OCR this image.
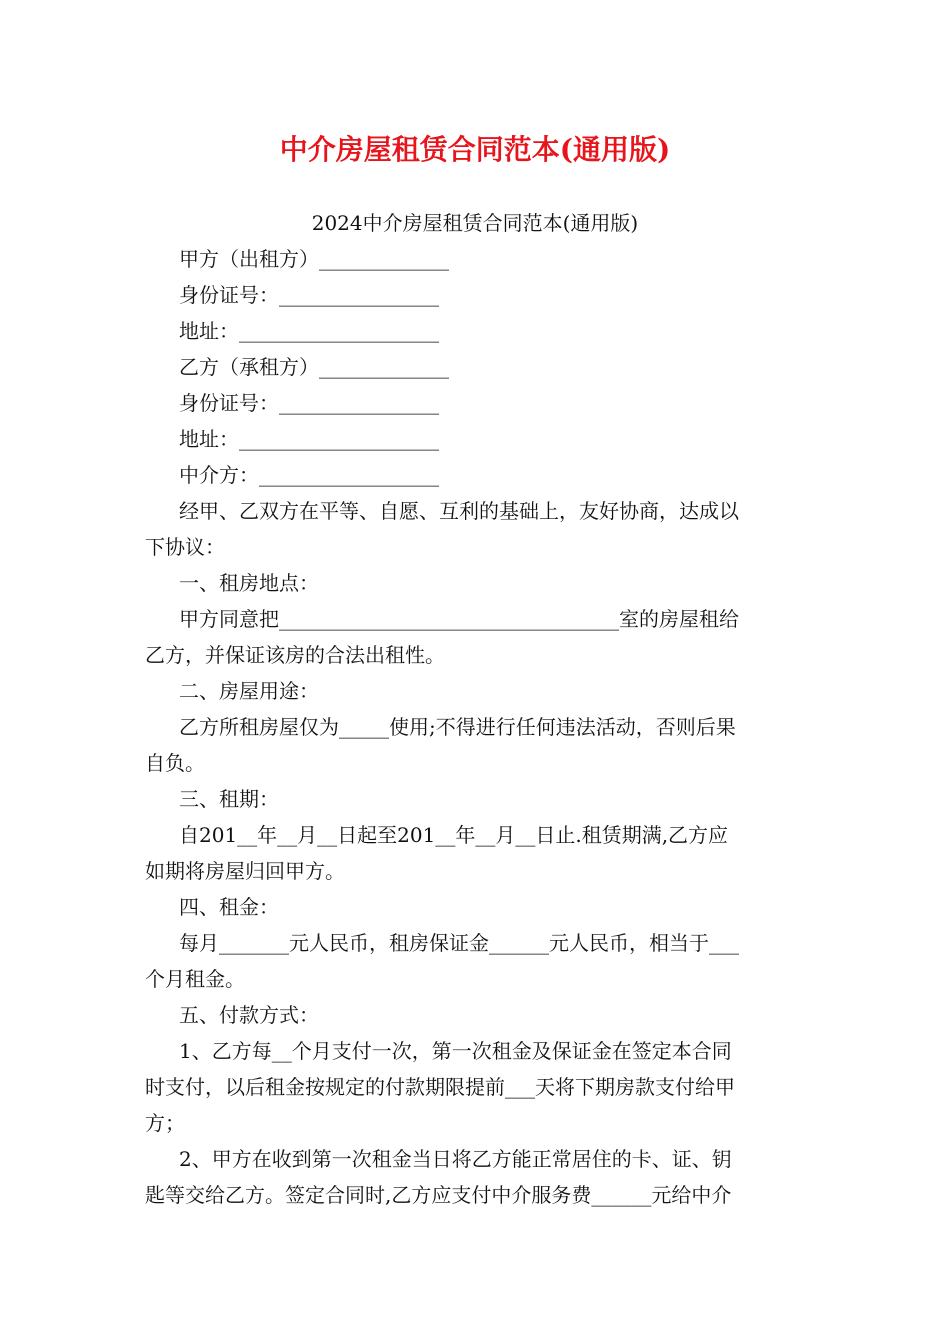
中介房屋租赁合同范本(通用版)

2024中介房屋租赁合同范本(通用版)

甲方（出租方）_____________

身份证号：________________

地址：____________________

乙方（承租方）_____________

身份证号：________________

地址：____________________

中介方：__________________

经甲、乙双方在平等、自愿、互利的基础上，友好协商，达成以

下协议：

一、租房地点：

甲方同意把__________________________________室的房屋租给

乙方，并保证该房的合法出租性。

二、房屋用途：

乙方所租房屋仅为_____使用;不得进行任何违法活动，否则后果

自负。

三、租期：

自201__年__月__日起至201__年__月__日止.租赁期满,乙方应

如期将房屋归回甲方。

四、租金：

每月_______元人民币，租房保证金______元人民币，相当于___

个月租金。

五、付款方式：

1、乙方每__个月支付一次，第一次租金及保证金在签定本合同

时支付，以后租金按规定的付款期限提前___天将下期房款支付给甲

方；

2、甲方在收到第一次租金当日将乙方能正常居住的卡、证、钥

匙等交给乙方。签定合同时,乙方应支付中介服务费______元给中介
